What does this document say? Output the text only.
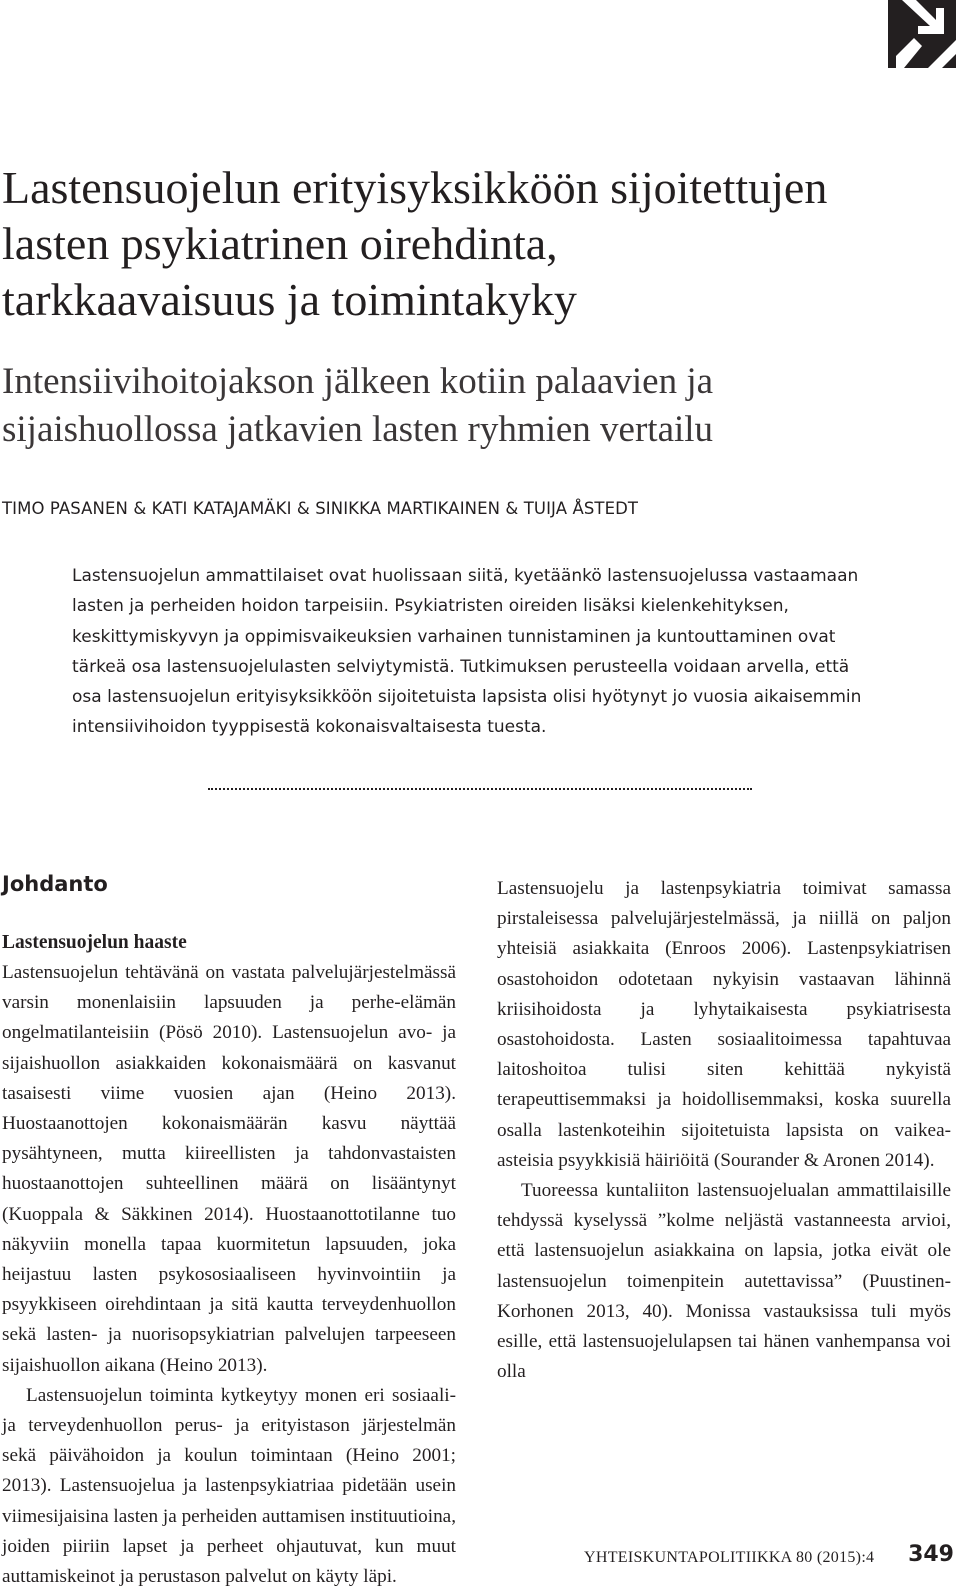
Lastensuojelun erityisyksikköön sijoitettujen
lasten psykiatrinen oirehdinta,
tarkkaavaisuus ja toimintakyky
Intensiivihoitojakson jälkeen kotiin palaavien ja
sijaishuollossa jatkavien lasten ryhmien vertailu
TIMO PASANEN & KATI KATAJAMÄKI & SINIKKA MARTIKAINEN & TUIJA ÅSTEDT

Lastensuojelun ammattilaiset ovat huolissaan siitä, kyetäänkö lastensuojelussa vastaamaan lasten ja perheiden hoidon tarpeisiin. Psykiatristen oireiden lisäksi kielenkehityksen, keskittymiskyvyn ja oppimisvaikeuksien varhainen tunnistaminen ja kuntouttaminen ovat tärkeä osa lastensuojelulasten selviytymistä. Tutkimuksen perusteella voidaan arvella, että osa lastensuojelun erityisyksikköön sijoitetuista lapsista olisi hyötynyt jo vuosia aikaisemmin intensiivihoidon tyyppisestä kokonaisvaltaisesta tuesta.

Johdanto
Lastensuojelun haaste

Lastensuojelun tehtävänä on vastata palvelujärjestelmässä varsin monenlaisiin lapsuuden ja perhe-elämän ongelmatilanteisiin (Pösö 2010). Lastensuojelun avo- ja sijaishuollon asiakkaiden kokonaismäärä on kasvanut tasaisesti viime vuosien ajan (Heino 2013). Huostaanottojen kokonaismäärän kasvu näyttää pysähtyneen, mutta kiireellisten ja tahdonvastaisten huostaanottojen suhteellinen määrä on lisääntynyt (Kuoppala & Säkkinen 2014). Huostaanottotilanne tuo näkyviin monella tapaa kuormitetun lapsuuden, joka heijastuu lasten psykososiaaliseen hyvinvointiin ja psyykkiseen oirehdintaan ja sitä kautta terveydenhuollon sekä lasten- ja nuorisopsykiatrian palvelujen tarpeeseen sijaishuollon aikana (Heino 2013).

Lastensuojelun toiminta kytkeytyy monen eri sosiaali- ja terveydenhuollon perus- ja erityistason järjestelmän sekä päivähoidon ja koulun toimintaan (Heino 2001; 2013). Lastensuojelua ja lastenpsykiatriaa pidetään usein viimesijaisina lasten ja perheiden auttamisen instituutioina, joiden piiriin lapset ja perheet ohjautuvat, kun muut auttamiskeinot ja perustason palvelut on käyty läpi.

Lastensuojelu ja lastenpsykiatria toimivat samassa pirstaleisessa palvelujärjestelmässä, ja niillä on paljon yhteisiä asiakkaita (Enroos 2006). Lastenpsykiatrisen osastohoidon odotetaan nykyisin vastaavan lähinnä kriisihoidosta ja lyhytaikaisesta psykiatrisesta osastohoidosta. Lasten sosiaalitoimessa tapahtuvaa laitoshoitoa tulisi siten kehittää nykyistä terapeuttisemmaksi ja hoidollisemmaksi, koska suurella osalla lastenkoteihin sijoitetuista lapsista on vaikea-asteisia psyykkisiä häiriöitä (Sourander & Aronen 2014).

Tuoreessa kuntaliiton lastensuojelualan ammattilaisille tehdyssä kyselyssä ”kolme neljästä vastanneesta arvioi, että lastensuojelun asiakkaina on lapsia, jotka eivät ole lastensuojelun toimenpitein autettavissa” (Puustinen-Korhonen 2013, 40). Monissa vastauksissa tuli myös esille, että lastensuojelulapsen tai hänen vanhempansa voi olla

YHTEISKUNTAPOLITIIKKA 80 (2015):4 349
